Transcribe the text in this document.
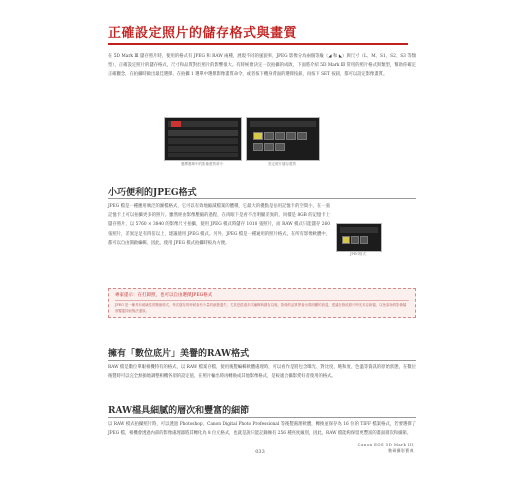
正確設定照片的儲存格式與畫質
在 5D Mark Ⅲ 儲存照片時，使用的格式有 JPEG 和 RAW 兩種，展現不同的風貌率，JPEG 影像分為兩個等級（◢ 和 ◣）與尺寸（L、M、S1、S2、S3 等類型），正確設定照片的儲存格式，尺寸和品質對於照片的影響很大。有時候會決定一次拍攝的成敗，下面將介紹 5D Mark Ⅲ 常用的照片格式與類型，幫助你確定正確觀念，在拍攝時做出最佳選擇。在拍攝 1 選單中選擇影像畫質命令，或者按下機身背面的選擇按鈕，再按下 SET 按鈕，都可以設定影像畫質。
選擇選單中的影像畫質命令	設定照片儲存畫質
小巧便利的JPEG格式
JPEG 檔是一種應用廣泛的圖檔格式，它可以有效地縮減檔案的體積，它最大的優點是佔用記憶卡的空間小，在一張記憶卡上可以拍攝更多的照片。雖然經由影像壓縮的過程，在肉眼下是看不出明顯差異的，同樣是 8GB 的記憶卡上儲存照片，以 5760 × 3840 的影像尺寸拍攝，使用 JPEG 模式時儲存 1010 張照片，而 RAW 模式只能儲存 260 張照片，差異足足有四倍以上，建議使用 JPEG 模式。另外，JPEG 檔是一種通用的照片格式，在所有影像軟體中，都可以自由開啟編輯，因此，使用 JPEG 模式拍攝時較為方便。
JPEG格式
專家提示：在打卸照，也可以自由選擇JPEG格式
JPEG 是一種具有破壞性的壓縮格式，每次儲存的時候會有少量的細節遺失，尤其是經過多次編輯與儲存以後，影像的品質將會出現明顯的衰退，建議在修改照片時先另存新檔，以免原始的影像檔被覆蓋掉而無法還原。
擁有「數位底片」美譽的RAW格式
RAW 檔是數位單眼相機特有的格式，以 RAW 檔案存檔，使用後製編輯軟體處理時，可以看作是將包含曝光、對比度、飽和度、色溫等資訊的原始狀態，在數位後製時可以完全無損地調整相機各項的設定值，在照片輸出時再轉換成其他影像格式，是較適合攝影愛好者使用的格式。
RAW檔具細膩的層次和豐富的細節
以 RAW 模式拍攝照片時，可以透過 Photoshop、Canon Digital Photo Professional 等後製處理軟體，轉換並保存為 16 位的 TIFF 檔案格式，若要選擇了 JPEG 檔，相機會透過內部的影像處理器將其轉化為 8 位元格式，也就是說只能記錄擁有 256 種亮度級別，因此，RAW 檔能夠保留更豐富的畫面層次和細節。
033
Canon EOS 5D Mark III
數碼攝影寶典
